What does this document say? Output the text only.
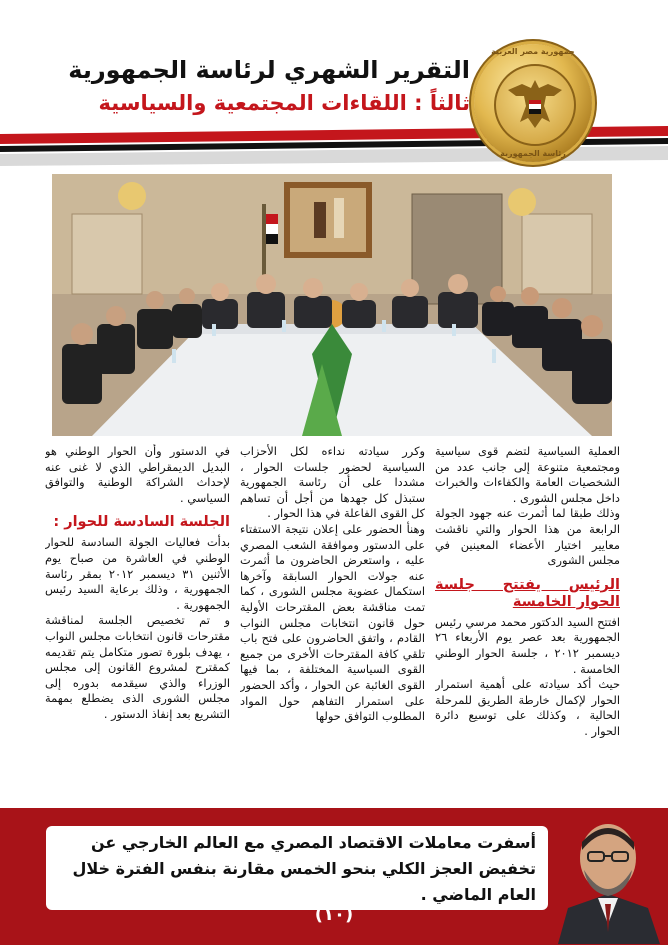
التقرير الشهري لرئاسة الجمهورية
ثالثاً : اللقاءات المجتمعية والسياسية
جمهورية مصر العربية
رئاسة الجمهورية

العملية السياسية لتضم قوى سياسية ومجتمعية متنوعة إلى جانب عدد من الشخصيات العامة والكفاءات والخبرات داخل مجلس الشورى .

وذلك طبقا لما أثمرت عنه جهود الجولة الرابعة من هذا الحوار والتي ناقشت معايير اختيار الأعضاء المعينين في مجلس الشورى

الرئيس يفتتح جلسة الحوار الخامسة

افتتح السيد الدكتور محمد مرسي رئيس الجمهورية بعد عصر يوم الأربعاء ٢٦ ديسمبر ٢٠١٢ ، جلسة الحوار الوطني الخامسة .

حيث أكد سيادته على أهمية استمرار الحوار لإكمال خارطة الطريق للمرحلة الحالية ، وكذلك على توسيع دائرة الحوار .

وكرر سيادته نداءه لكل الأحزاب السياسية لحضور جلسات الحوار ، مشددا على أن رئاسة الجمهورية ستبذل كل جهدها من أجل أن تساهم كل القوى الفاعلة في هذا الحوار .

وهنأ الحضور على إعلان نتيجة الاستفتاء على الدستور وموافقة الشعب المصري عليه ، واستعرض الحاضرون ما أثمرت عنه جولات الحوار السابقة وآخرها استكمال عضوية مجلس الشورى ، كما تمت مناقشة بعض المقترحات الأولية حول قانون انتخابات مجلس النواب القادم ، واتفق الحاضرون على فتح باب تلقي كافة المقترحات الأخرى من جميع القوى السياسية المختلفة ، بما فيها القوى الغائبة عن الحوار ، وأكد الحضور على استمرار التفاهم حول المواد المطلوب التوافق حولها

في الدستور وأن الحوار الوطني هو البديل الديمقراطي الذي لا غنى عنه لإحداث الشراكة الوطنية والتوافق السياسي .

الجلسة السادسة للحوار :

بدأت فعاليات الجولة السادسة للحوار الوطني في العاشرة من صباح يوم الأثنين ٣١ ديسمبر ٢٠١٢ بمقر رئاسة الجمهورية ، وذلك برعاية السيد رئيس الجمهورية .

و تم تخصيص الجلسة لمناقشة مقترحات قانون انتخابات مجلس النواب ، يهدف بلورة تصور متكامل يتم تقديمه كمقترح لمشروع القانون إلى مجلس الوزراء والذي سيقدمه بدوره إلى مجلس الشورى الذى يضطلع بمهمة التشريع بعد إنفاذ الدستور .

أسفرت معاملات الاقتصاد المصري مع العالم الخارجي عن تخفيض العجز الكلي بنحو الخمس مقارنة بنفس الفترة خلال العام الماضي .
(١٠)
